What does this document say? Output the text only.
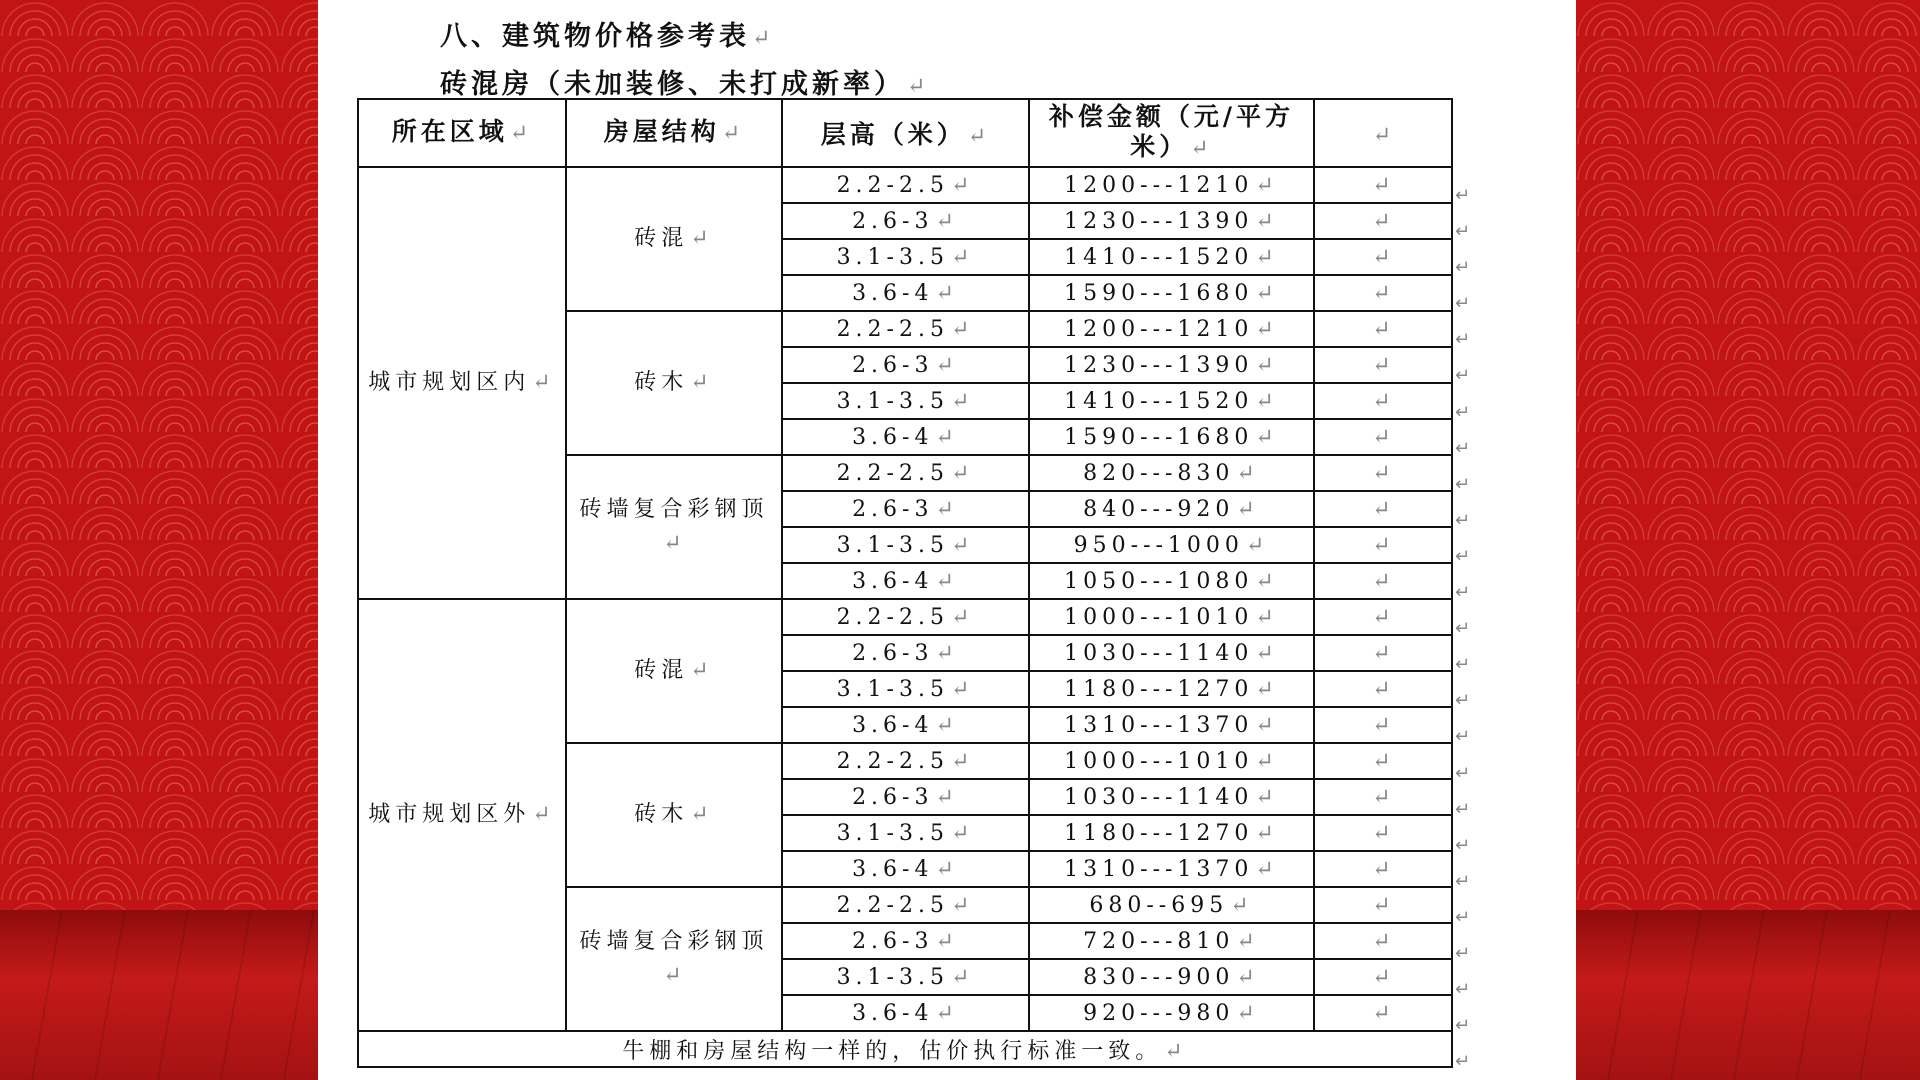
八、建筑物价格参考表↵
砖混房（未加装修、未打成新率）↵
所在区域↵	房屋结构↵	层高（米）↵	补偿金额（元/平方米）↵	↵
城市规划区内↵	砖混↵	2.2-2.5↵	1200---1210↵	↵
		2.6-3↵	1230---1390↵	↵
		3.1-3.5↵	1410---1520↵	↵
		3.6-4↵	1590---1680↵	↵
	砖木↵	2.2-2.5↵	1200---1210↵	↵
		2.6-3↵	1230---1390↵	↵
		3.1-3.5↵	1410---1520↵	↵
		3.6-4↵	1590---1680↵	↵
	砖墙复合彩钢顶↵	2.2-2.5↵	820---830↵	↵
		2.6-3↵	840---920↵	↵
		3.1-3.5↵	950---1000↵	↵
		3.6-4↵	1050---1080↵	↵
城市规划区外↵	砖混↵	2.2-2.5↵	1000---1010↵	↵
		2.6-3↵	1030---1140↵	↵
		3.1-3.5↵	1180---1270↵	↵
		3.6-4↵	1310---1370↵	↵
	砖木↵	2.2-2.5↵	1000---1010↵	↵
		2.6-3↵	1030---1140↵	↵
		3.1-3.5↵	1180---1270↵	↵
		3.6-4↵	1310---1370↵	↵
	砖墙复合彩钢顶↵	2.2-2.5↵	680--695↵	↵
		2.6-3↵	720---810↵	↵
		3.1-3.5↵	830---900↵	↵
		3.6-4↵	920---980↵	↵
牛棚和房屋结构一样的，估价执行标准一致。↵				
↵
↵
↵
↵
↵
↵
↵
↵
↵
↵
↵
↵
↵
↵
↵
↵
↵
↵
↵
↵
↵
↵
↵
↵
↵
